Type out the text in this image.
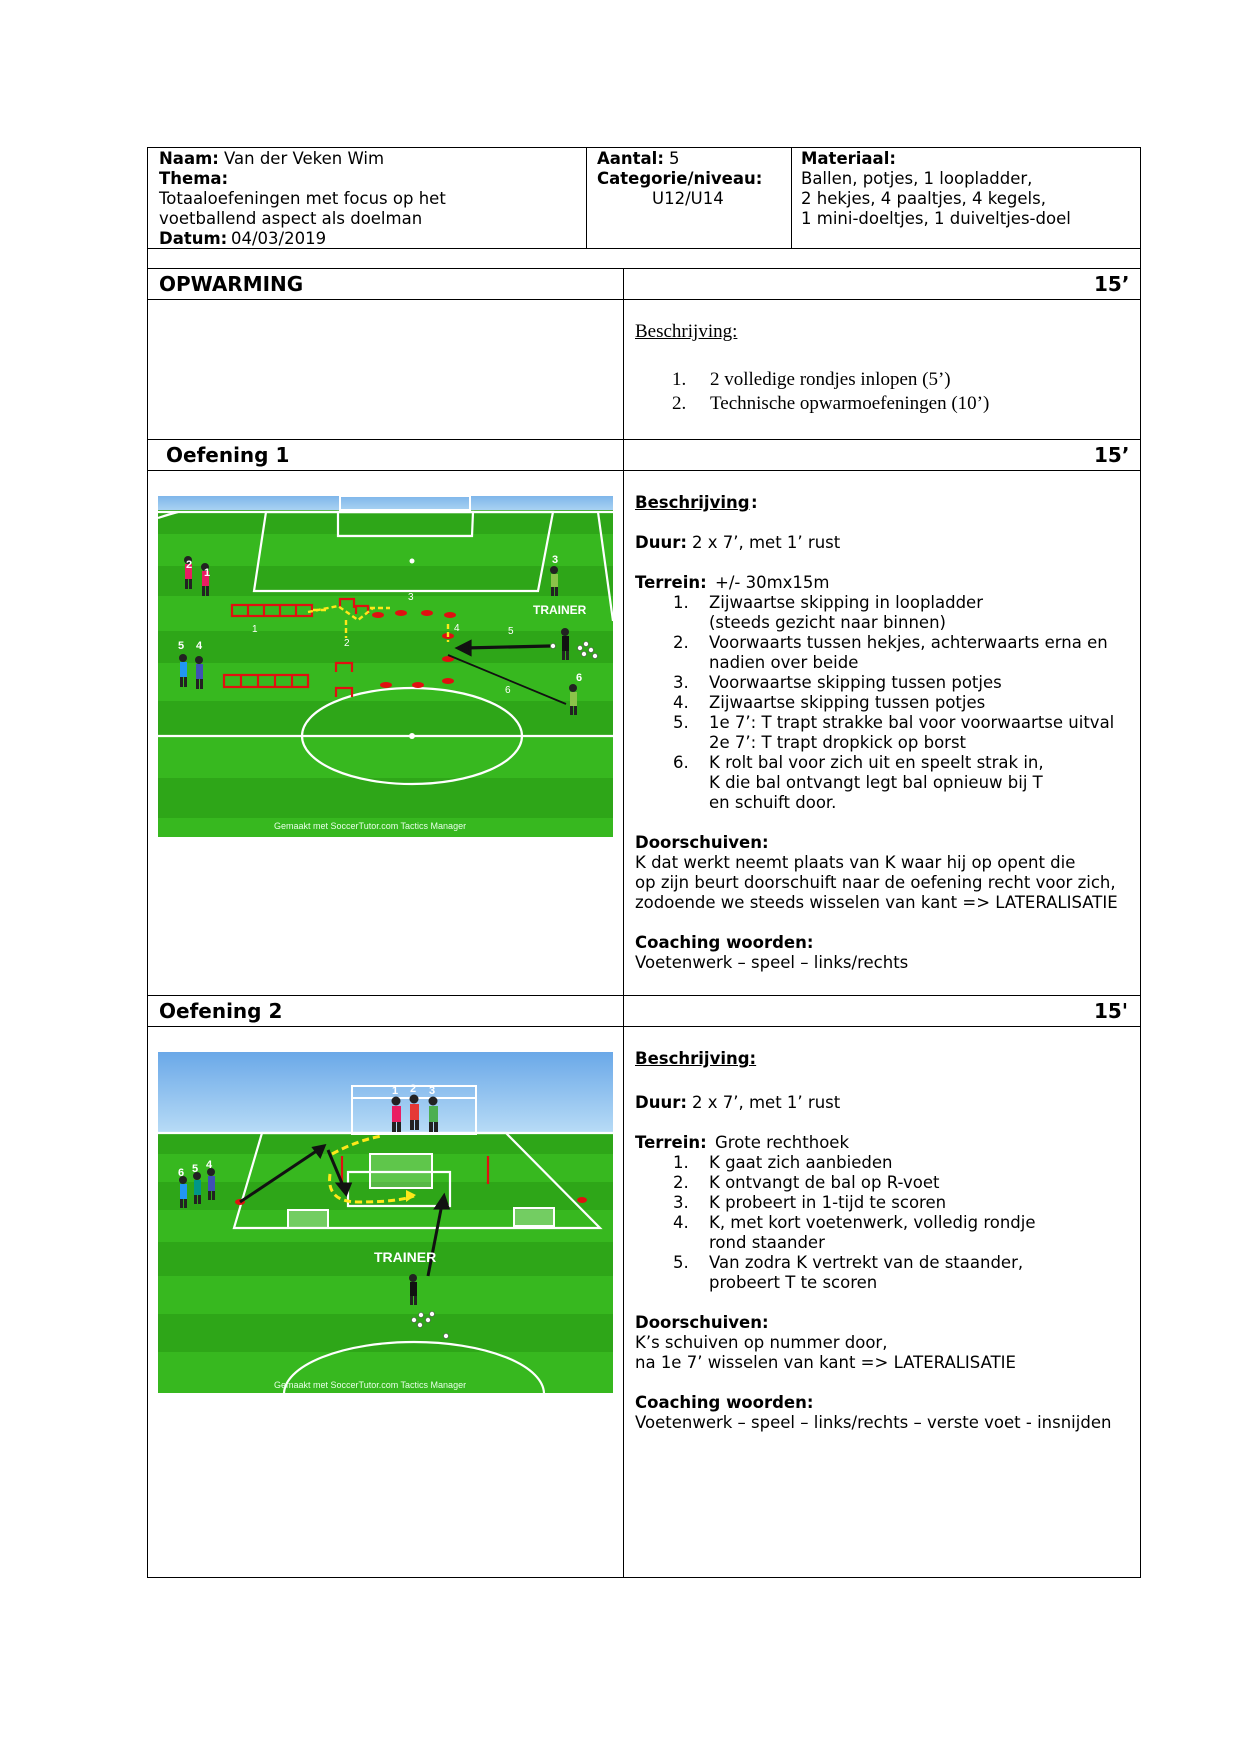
Naam: Van der Veken Wim
Thema:
Totaaloefeningen met focus op het
voetballend aspect als doelman
Datum: 04/03/2019
Aantal: 5
Categorie/niveau:
U12/U14
Materiaal:
Ballen, potjes, 1 loopladder,
2 hekjes, 4 paaltjes, 4 kegels,
1 mini-doeltjes, 1 duiveltjes-doel
OPWARMING	15’
Beschrijving:
1. 2 volledige rondjes inlopen (5’)
2. Technische opwarmoefeningen (10’)
Oefening 1	15’
2
1
5 4
3
6
1
2
3
4	5
6
TRAINER
Gemaakt met SoccerTutor.com Tactics Manager
Beschrijving :
Duur: 2 x 7’, met 1’ rust
Terrein: +/- 30mx15m
1. Zijwaartse skipping in loopladder
(steeds gezicht naar binnen)
2. Voorwaarts tussen hekjes, achterwaarts erna en
nadien over beide
3. Voorwaartse skipping tussen potjes
4. Zijwaartse skipping tussen potjes
5. 1e 7’: T trapt strakke bal voor voorwaartse uitval
2e 7’: T trapt dropkick op borst
6. K rolt bal voor zich uit en speelt strak in,
K die bal ontvangt legt bal opnieuw bij T
en schuift door.
Doorschuiven:
K dat werkt neemt plaats van K waar hij op opent die
op zijn beurt doorschuift naar de oefening recht voor zich,
zodoende we steeds wisselen van kant => LATERALISATIE
Coaching woorden:
Voetenwerk – speel – links/rechts
Oefening 2	15'
1 2 3
6 5 4
TRAINER
Gemaakt met SoccerTutor.com Tactics Manager
Beschrijving:
Duur: 2 x 7’, met 1’ rust
Terrein: Grote rechthoek
1. K gaat zich aanbieden
2. K ontvangt de bal op R-voet
3. K probeert in 1-tijd te scoren
4. K, met kort voetenwerk, volledig rondje
rond staander
5. Van zodra K vertrekt van de staander,
probeert T te scoren
Doorschuiven:
K’s schuiven op nummer door,
na 1e 7’ wisselen van kant => LATERALISATIE
Coaching woorden:
Voetenwerk – speel – links/rechts – verste voet - insnijden
